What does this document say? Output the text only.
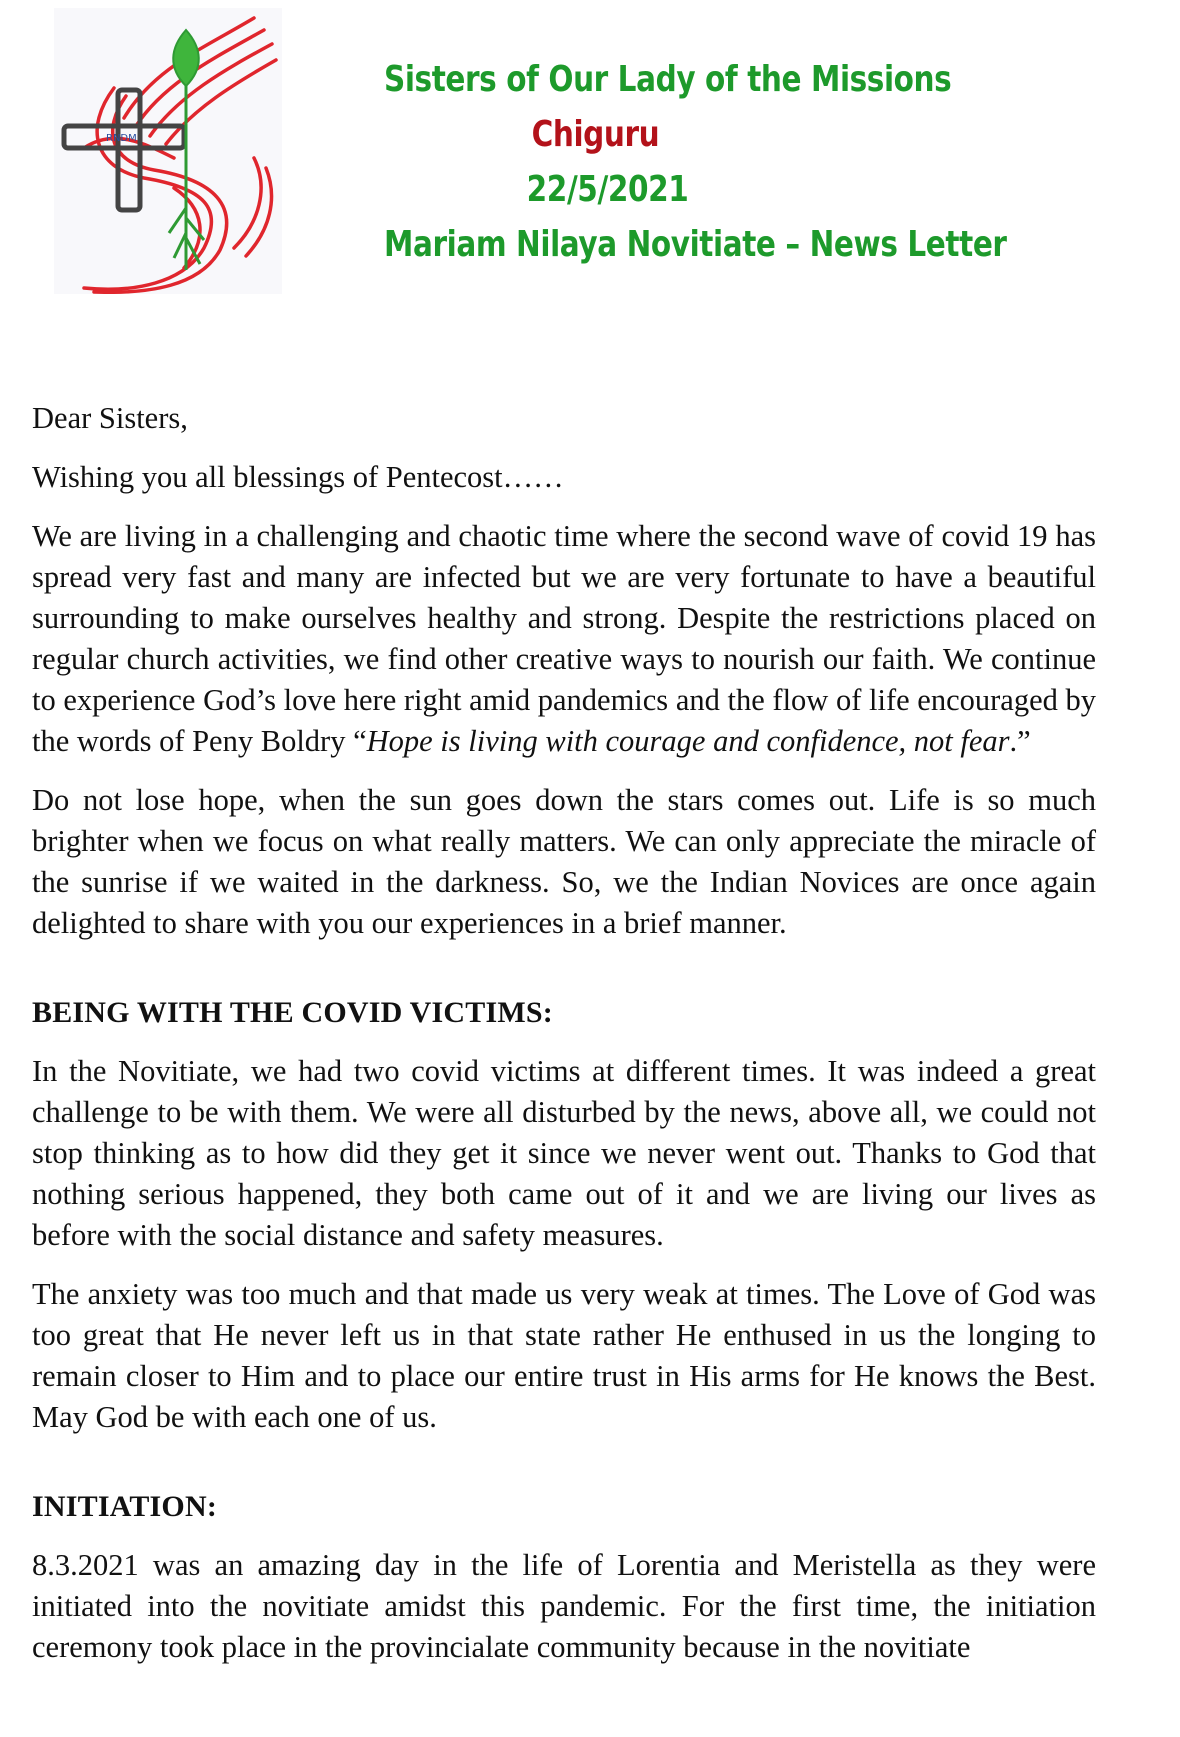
RNDM
Sisters of Our Lady of the Missions
Chiguru
22/5/2021
Mariam Nilaya Novitiate – News Letter

Dear Sisters,

Wishing you all blessings of Pentecost……

We are living in a challenging and chaotic time where the second wave of covid 19 has spread very fast and many are infected but we are very fortunate to have a beautiful surrounding to make ourselves healthy and strong. Despite the restrictions placed on regular church activities, we find other creative ways to nourish our faith. We continue to experience God’s love here right amid pandemics and the flow of life encouraged by the words of Peny Boldry “Hope is living with courage and confidence, not fear.”

Do not lose hope, when the sun goes down the stars comes out. Life is so much brighter when we focus on what really matters. We can only appreciate the miracle of the sunrise if we waited in the darkness. So, we the Indian Novices are once again delighted to share with you our experiences in a brief manner.

BEING WITH THE COVID VICTIMS:

In the Novitiate, we had two covid victims at different times. It was indeed a great challenge to be with them. We were all disturbed by the news, above all, we could not stop thinking as to how did they get it since we never went out. Thanks to God that nothing serious happened, they both came out of it and we are living our lives as before with the social distance and safety measures.

The anxiety was too much and that made us very weak at times. The Love of God was too great that He never left us in that state rather He enthused in us the longing to remain closer to Him and to place our entire trust in His arms for He knows the Best. May God be with each one of us.

INITIATION:

8.3.2021 was an amazing day in the life of Lorentia and Meristella as they were initiated into the novitiate amidst this pandemic. For the first time, the initiation ceremony took place in the provincialate community because in the novitiate
